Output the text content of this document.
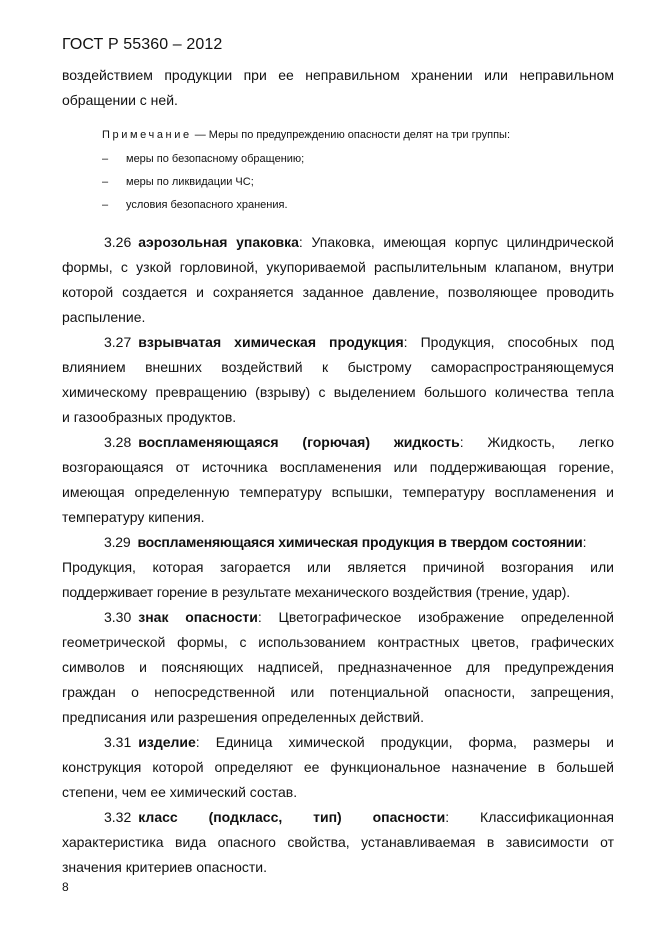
ГОСТ Р 55360 – 2012
воздействием продукции при ее неправильном хранении или неправильном
обращении с ней.
Примечание — Меры по предупреждению опасности делят на три группы:
– меры по безопасному обращению;
– меры по ликвидации ЧС;
– условия безопасного хранения.
3.26 аэрозольная упаковка: Упаковка, имеющая корпус цилиндрической
формы, с узкой горловиной, укупориваемой распылительным клапаном, внутри
которой создается и сохраняется заданное давление, позволяющее проводить
распыление.
3.27 взрывчатая химическая продукция: Продукция, способных под
влиянием внешних воздействий к быстрому самораспространяющемуся
химическому превращению (взрыву) с выделением большого количества тепла
и газообразных продуктов.
3.28 воспламеняющаяся (горючая) жидкость: Жидкость, легко
возгорающаяся от источника воспламенения или поддерживающая горение,
имеющая определенную температуру вспышки, температуру воспламенения и
температуру кипения.
3.29 воспламеняющаяся химическая продукция в твердом состоянии:
Продукция, которая загорается или является причиной возгорания или
поддерживает горение в результате механического воздействия (трение, удар).
3.30 знак опасности: Цветографическое изображение определенной
геометрической формы, с использованием контрастных цветов, графических
символов и поясняющих надписей, предназначенное для предупреждения
граждан о непосредственной или потенциальной опасности, запрещения,
предписания или разрешения определенных действий.
3.31 изделие: Единица химической продукции, форма, размеры и
конструкция которой определяют ее функциональное назначение в большей
степени, чем ее химический состав.
3.32 класс (подкласс, тип) опасности: Классификационная
характеристика вида опасного свойства, устанавливаемая в зависимости от
значения критериев опасности.
8
